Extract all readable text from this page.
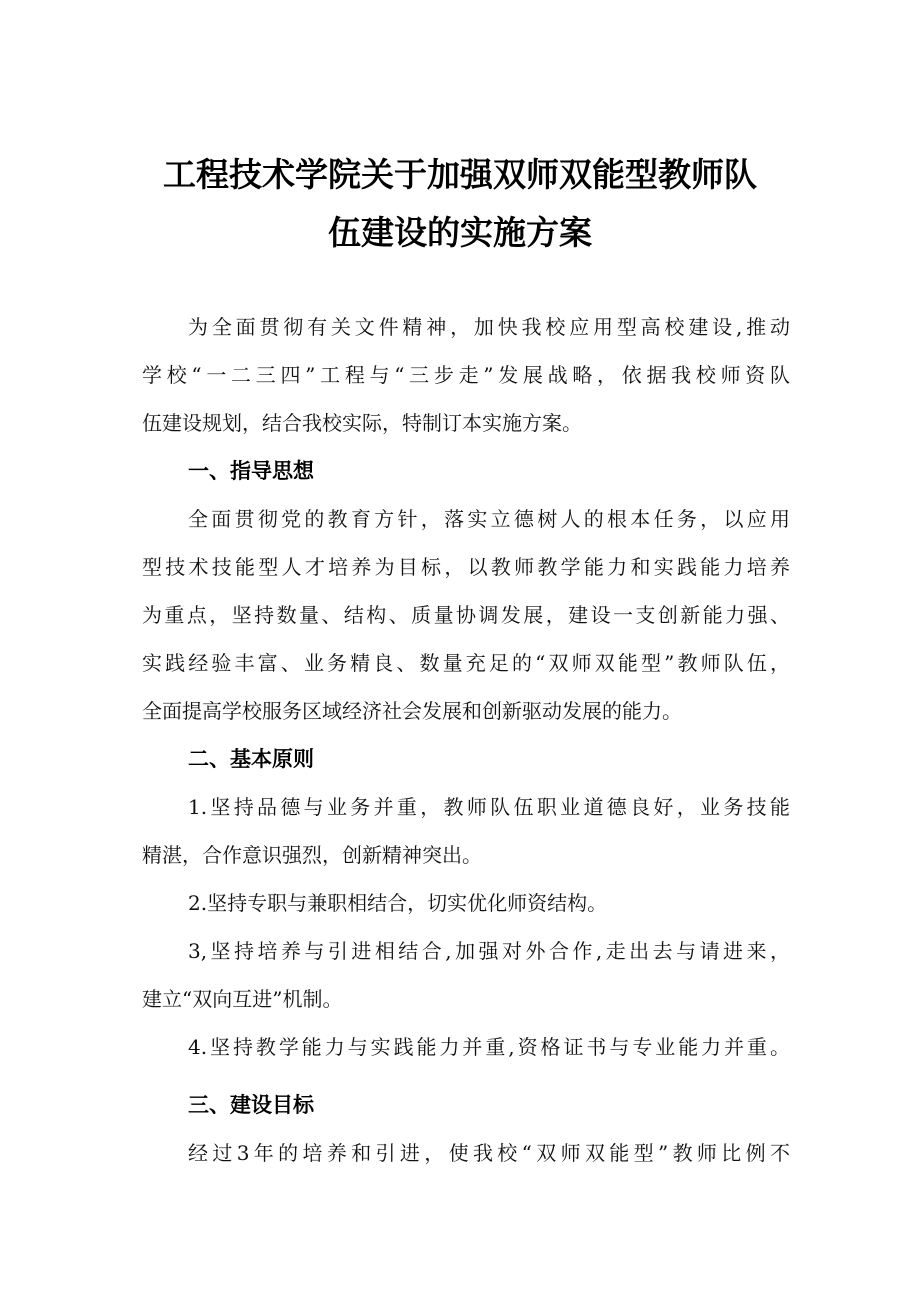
工程技术学院关于加强双师双能型教师队
伍建设的实施方案
为全面贯彻有关文件精神，加快我校应用型高校建设,推动
学校“一二三四”工程与“三步走”发展战略，依据我校师资队
伍建设规划，结合我校实际，特制订本实施方案。
一、指导思想
全面贯彻党的教育方针，落实立德树人的根本任务，以应用
型技术技能型人才培养为目标，以教师教学能力和实践能力培养
为重点，坚持数量、结构、质量协调发展，建设一支创新能力强、
实践经验丰富、业务精良、数量充足的“双师双能型”教师队伍，
全面提高学校服务区域经济社会发展和创新驱动发展的能力。
二、基本原则
1.坚持品德与业务并重，教师队伍职业道德良好，业务技能
精湛，合作意识强烈，创新精神突出。
2.坚持专职与兼职相结合，切实优化师资结构。
3,坚持培养与引进相结合,加强对外合作,走出去与请进来，
建立“双向互进”机制。
4.坚持教学能力与实践能力并重,资格证书与专业能力并重。
三、建设目标
经过3年的培养和引进，使我校“双师双能型”教师比例不
